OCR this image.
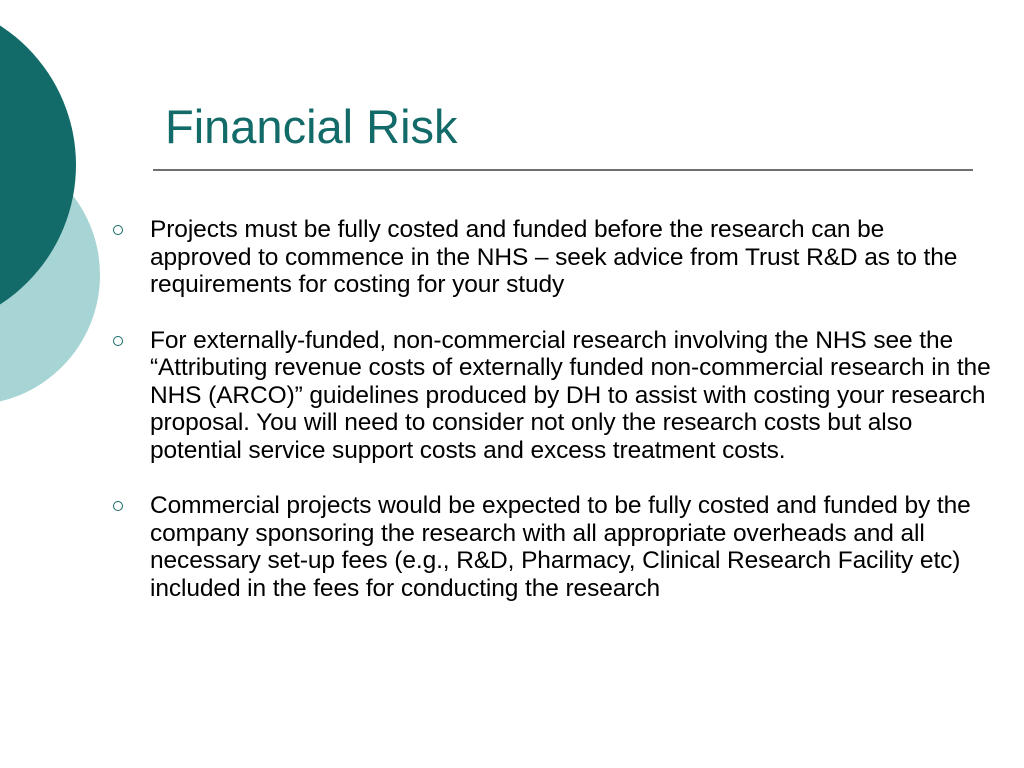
Financial Risk
Projects must be fully costed and funded before the research can be approved to commence in the NHS – seek advice from Trust R&D as to the requirements for costing for your study
For externally-funded, non-commercial research involving the NHS see the “Attributing revenue costs of externally funded non-commercial research in the NHS (ARCO)” guidelines produced by DH to assist with costing your research proposal. You will need to consider not only the research costs but also potential service support costs and excess treatment costs.
Commercial projects would be expected to be fully costed and funded by the company sponsoring the research with all appropriate overheads and all necessary set-up fees (e.g., R&D, Pharmacy, Clinical Research Facility etc) included in the fees for conducting the research
